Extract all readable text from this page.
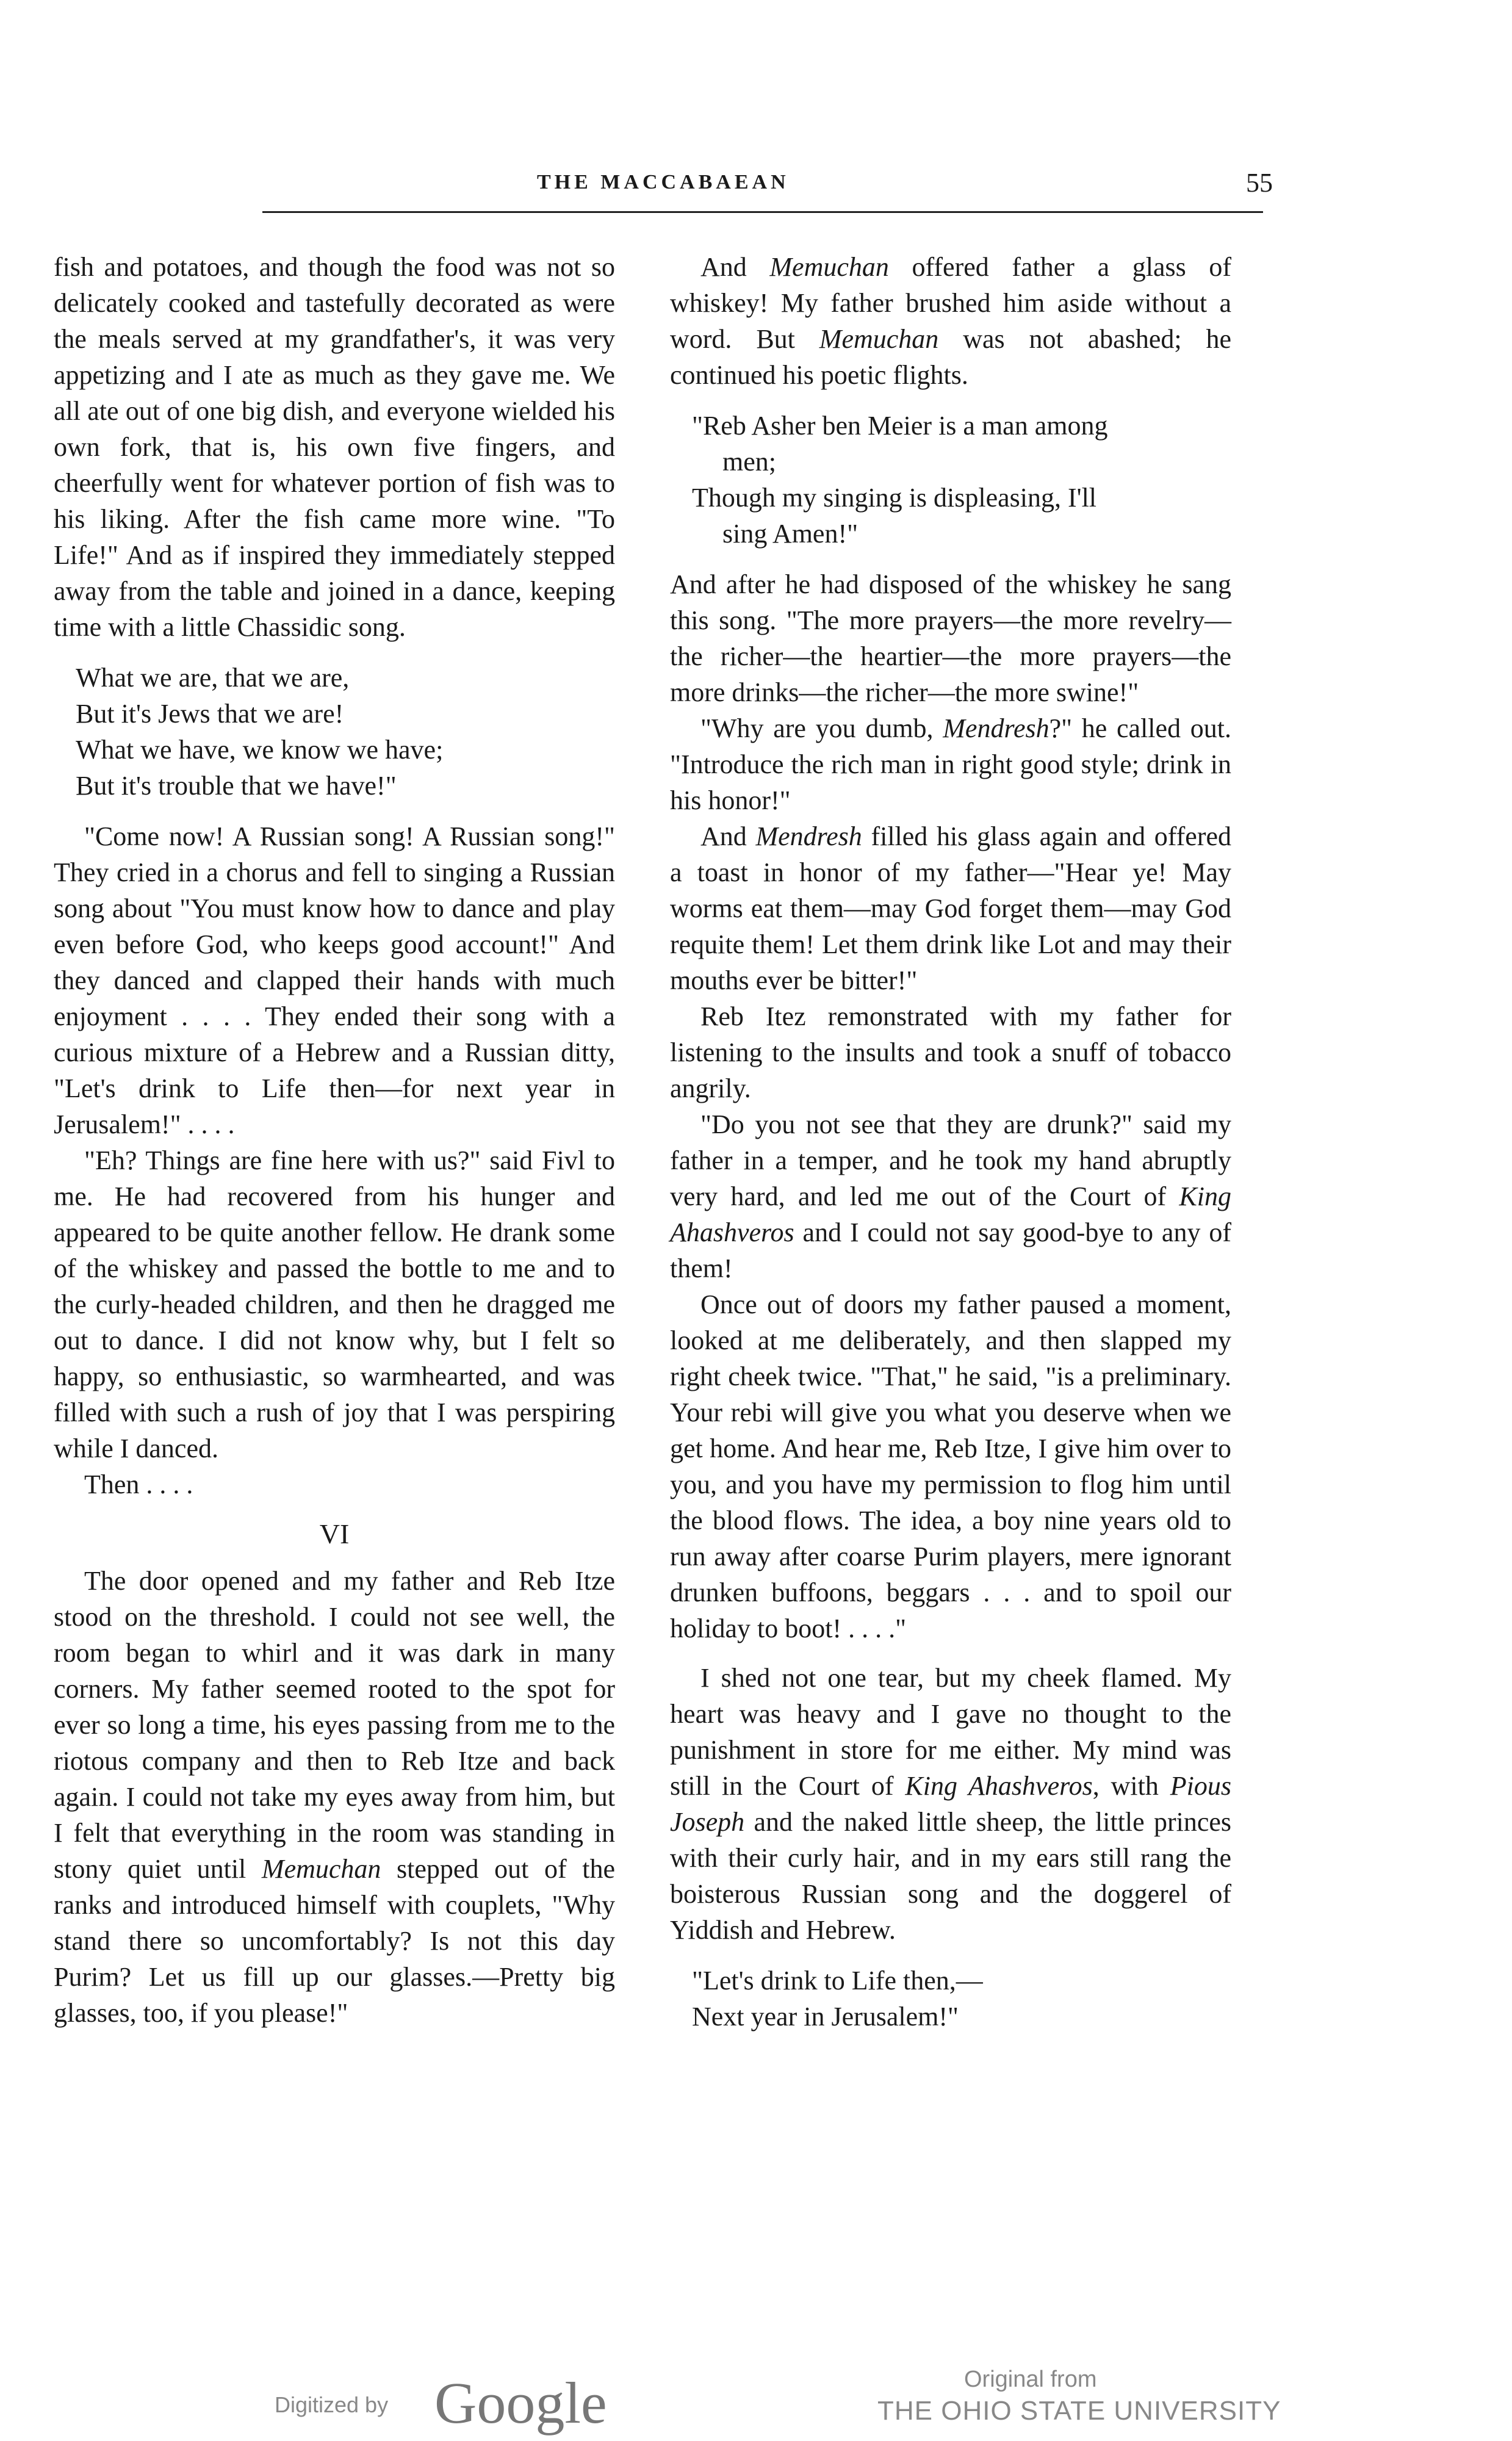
THE MACCABAEAN	55

fish and potatoes, and though the food was not so delicately cooked and tastefully decorated as were the meals served at my grandfather's, it was very appetizing and I ate as much as they gave me. We all ate out of one big dish, and everyone wielded his own fork, that is, his own five fingers, and cheerfully went for whatever portion of fish was to his liking. After the fish came more wine. "To Life!" And as if inspired they immediately stepped away from the table and joined in a dance, keeping time with a little Chassidic song.

What we are, that we are,
But it's Jews that we are!
What we have, we know we have;
But it's trouble that we have!"

"Come now! A Russian song! A Russian song!" They cried in a chorus and fell to singing a Russian song about "You must know how to dance and play even before God, who keeps good account!" And they danced and clapped their hands with much enjoyment . . . . They ended their song with a curious mixture of a Hebrew and a Russian ditty, "Let's drink to Life then—for next year in Jerusalem!" . . . .

"Eh? Things are fine here with us?" said Fivl to me. He had recovered from his hunger and appeared to be quite another fellow. He drank some of the whiskey and passed the bottle to me and to the curly-headed children, and then he dragged me out to dance. I did not know why, but I felt so happy, so enthusiastic, so warmhearted, and was filled with such a rush of joy that I was perspiring while I danced.

Then . . . .

VI

The door opened and my father and Reb Itze stood on the threshold. I could not see well, the room began to whirl and it was dark in many corners. My father seemed rooted to the spot for ever so long a time, his eyes passing from me to the riotous company and then to Reb Itze and back again. I could not take my eyes away from him, but I felt that everything in the room was standing in stony quiet until Memuchan stepped out of the ranks and introduced himself with couplets, "Why stand there so uncomfortably? Is not this day Purim? Let us fill up our glasses.—Pretty big glasses, too, if you please!"

And Memuchan offered father a glass of whiskey! My father brushed him aside without a word. But Memuchan was not abashed; he continued his poetic flights.

"Reb Asher ben Meier is a man among
men;
Though my singing is displeasing, I'll
sing Amen!"

And after he had disposed of the whiskey he sang this song. "The more prayers—the more revelry—the richer—the heartier—the more prayers—the more drinks—the richer—the more swine!"

"Why are you dumb, Mendresh?" he called out. "Introduce the rich man in right good style; drink in his honor!"

And Mendresh filled his glass again and offered a toast in honor of my father—"Hear ye! May worms eat them—may God forget them—may God requite them! Let them drink like Lot and may their mouths ever be bitter!"

Reb Itez remonstrated with my father for listening to the insults and took a snuff of tobacco angrily.

"Do you not see that they are drunk?" said my father in a temper, and he took my hand abruptly very hard, and led me out of the Court of King Ahashveros and I could not say good-bye to any of them!

Once out of doors my father paused a moment, looked at me deliberately, and then slapped my right cheek twice. "That," he said, "is a preliminary. Your rebi will give you what you deserve when we get home. And hear me, Reb Itze, I give him over to you, and you have my permission to flog him until the blood flows. The idea, a boy nine years old to run away after coarse Purim players, mere ignorant drunken buffoons, beggars . . . and to spoil our holiday to boot! . . . ."

I shed not one tear, but my cheek flamed. My heart was heavy and I gave no thought to the punishment in store for me either. My mind was still in the Court of King Ahashveros, with Pious Joseph and the naked little sheep, the little princes with their curly hair, and in my ears still rang the boisterous Russian song and the doggerel of Yiddish and Hebrew.

"Let's drink to Life then,—
Next year in Jerusalem!"
Digitized by Google	Original from
THE OHIO STATE UNIVERSITY
